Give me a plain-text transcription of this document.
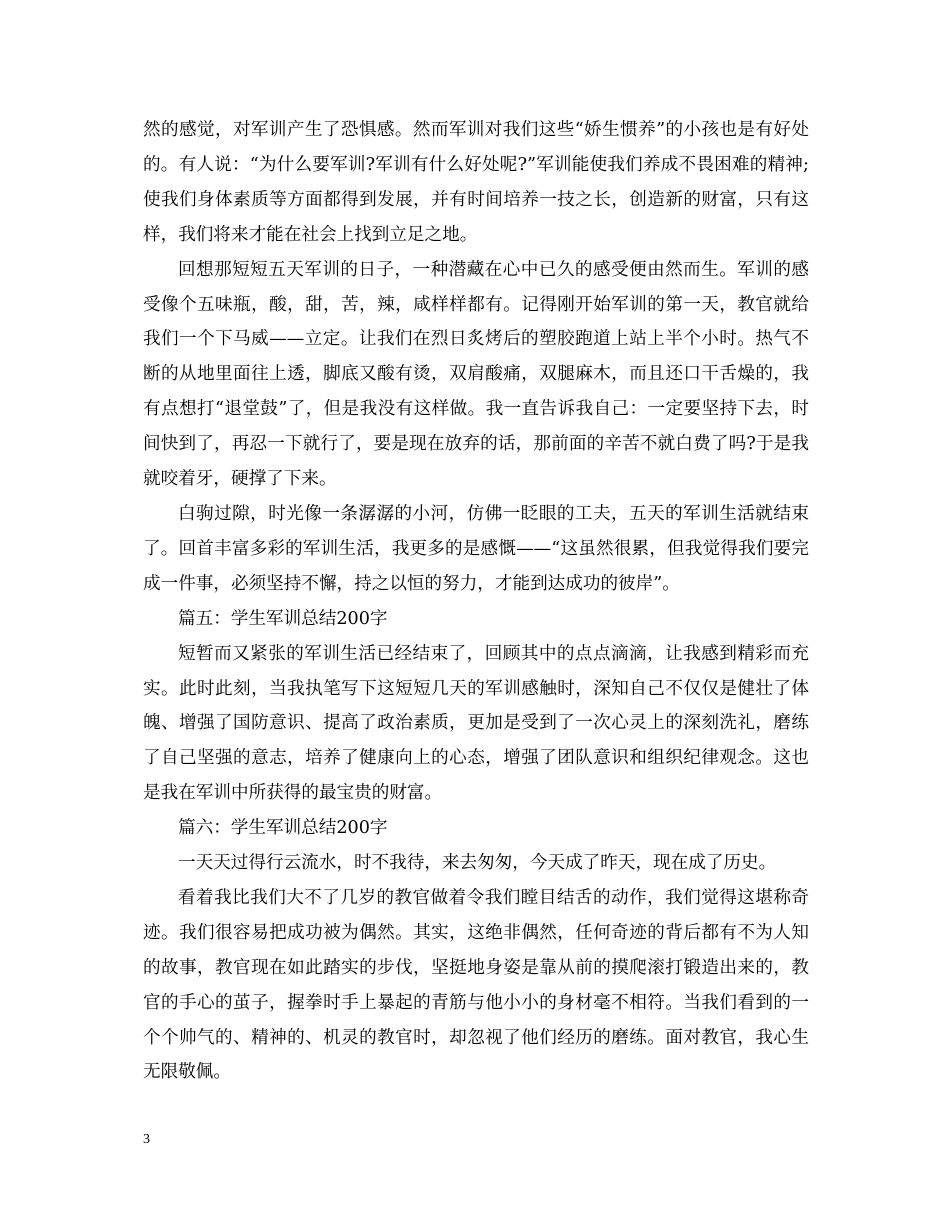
然的感觉，对军训产生了恐惧感。然而军训对我们这些“娇生惯养”的小孩也是有好处的。有人说：“为什么要军训?军训有什么好处呢?”军训能使我们养成不畏困难的精神;使我们身体素质等方面都得到发展，并有时间培养一技之长，创造新的财富，只有这样，我们将来才能在社会上找到立足之地。

回想那短短五天军训的日子，一种潜藏在心中已久的感受便由然而生。军训的感受像个五味瓶，酸，甜，苦，辣，咸样样都有。记得刚开始军训的第一天，教官就给我们一个下马威——立定。让我们在烈日炙烤后的塑胶跑道上站上半个小时。热气不断的从地里面往上透，脚底又酸有烫，双肩酸痛，双腿麻木，而且还口干舌燥的，我有点想打“退堂鼓”了，但是我没有这样做。我一直告诉我自己：一定要坚持下去，时间快到了，再忍一下就行了，要是现在放弃的话，那前面的辛苦不就白费了吗?于是我就咬着牙，硬撑了下来。

白驹过隙，时光像一条潺潺的小河，仿佛一眨眼的工夫，五天的军训生活就结束了。回首丰富多彩的军训生活，我更多的是感慨——“这虽然很累，但我觉得我们要完成一件事，必须坚持不懈，持之以恒的努力，才能到达成功的彼岸”。

篇五：学生军训总结200字

短暂而又紧张的军训生活已经结束了，回顾其中的点点滴滴，让我感到精彩而充实。此时此刻，当我执笔写下这短短几天的军训感触时，深知自己不仅仅是健壮了体魄、增强了国防意识、提高了政治素质，更加是受到了一次心灵上的深刻洗礼，磨练了自己坚强的意志，培养了健康向上的心态，增强了团队意识和组织纪律观念。这也是我在军训中所获得的最宝贵的财富。

篇六：学生军训总结200字

一天天过得行云流水，时不我待，来去匆匆，今天成了昨天，现在成了历史。

看着我比我们大不了几岁的教官做着令我们瞠目结舌的动作，我们觉得这堪称奇迹。我们很容易把成功被为偶然。其实，这绝非偶然，任何奇迹的背后都有不为人知的故事，教官现在如此踏实的步伐，坚挺地身姿是靠从前的摸爬滚打锻造出来的，教官的手心的茧子，握拳时手上暴起的青筋与他小小的身材毫不相符。当我们看到的一个个帅气的、精神的、机灵的教官时，却忽视了他们经历的磨练。面对教官，我心生无限敬佩。

3
